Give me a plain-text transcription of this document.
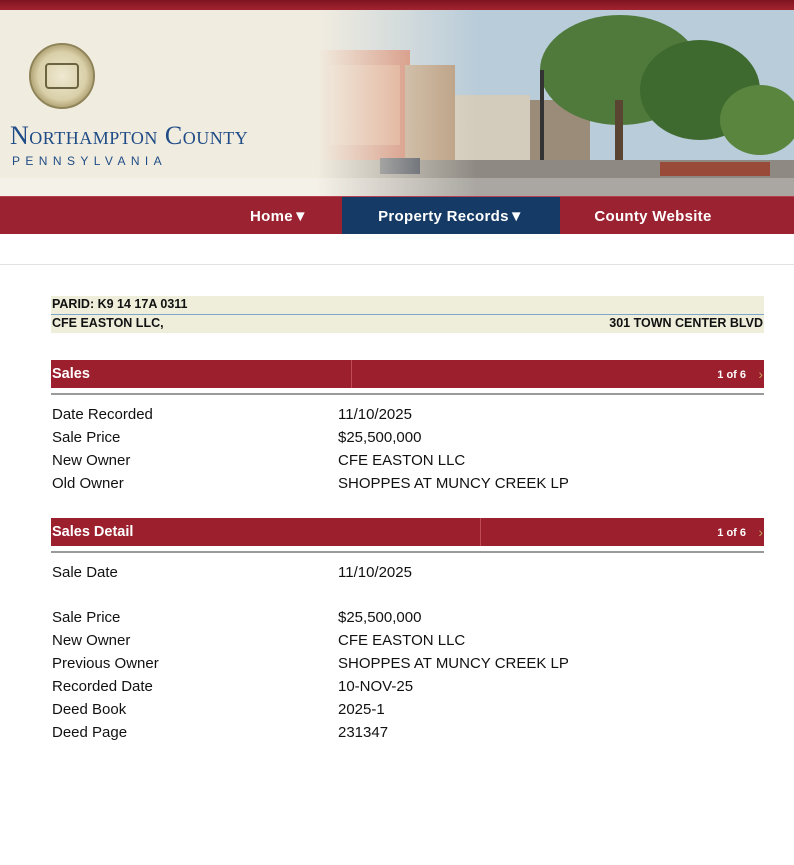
Northampton County
PENNSYLVANIA
Home▼	Property Records▼	County Website
PARID: K9 14 17A 0311
CFE EASTON LLC,	301 TOWN CENTER BLVD
Sales	1 of 6 ›
Date Recorded	11/10/2025
Sale Price	$25,500,000
New Owner	CFE EASTON LLC
Old Owner	SHOPPES AT MUNCY CREEK LP
Sales Detail	1 of 6 ›
Sale Date	11/10/2025
Sale Price	$25,500,000
New Owner	CFE EASTON LLC
Previous Owner	SHOPPES AT MUNCY CREEK LP
Recorded Date	10-NOV-25
Deed Book	2025-1
Deed Page	231347
